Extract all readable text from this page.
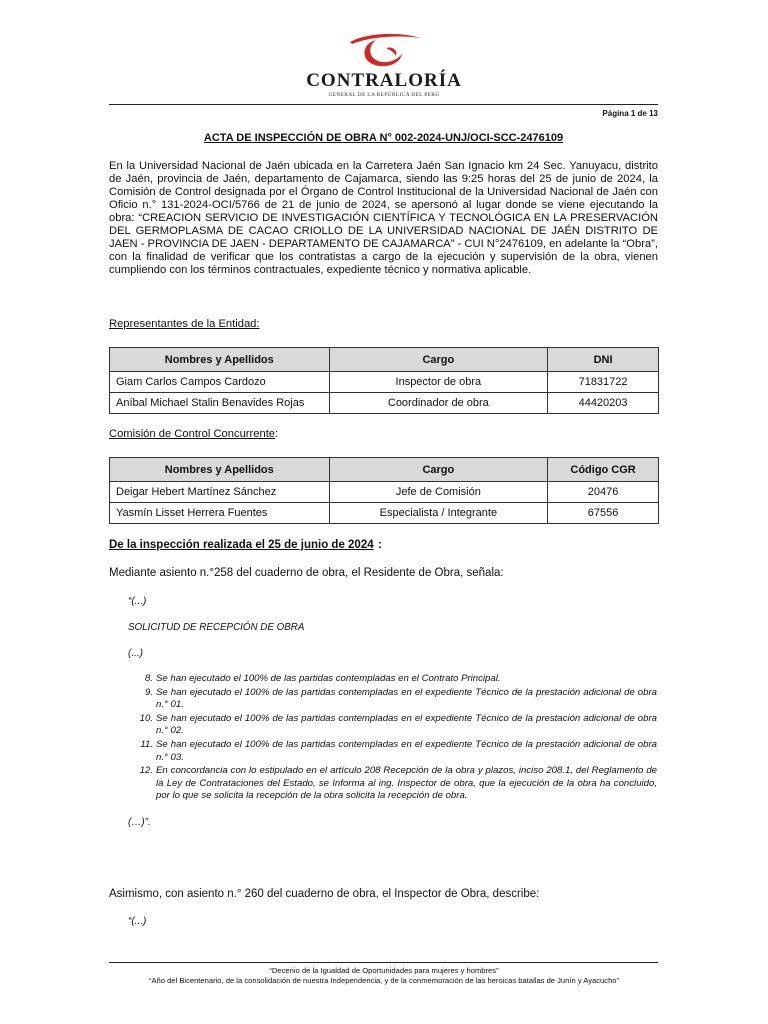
CONTRALORÍA
GENERAL DE LA REPÚBLICA DEL PERÚ
Página 1 de 13
ACTA DE INSPECCIÓN DE OBRA N° 002-2024-UNJ/OCI-SCC-2476109
En la Universidad Nacional de Jaén ubicada en la Carretera Jaén San Ignacio km 24 Sec. Yanuyacu, distrito de Jaén, provincia de Jaén, departamento de Cajamarca, siendo las 9:25 horas del 25 de junio de 2024, la Comisión de Control designada por el Órgano de Control Institucional de la Universidad Nacional de Jaén con Oficio n.° 131-2024-OCI/5766 de 21 de junio de 2024, se apersonó al lugar donde se viene ejecutando la obra: “CREACION SERVICIO DE INVESTIGACIÓN CIENTÍFICA Y TECNOLÓGICA EN LA PRESERVACIÓN DEL GERMOPLASMA DE CACAO CRIOLLO DE LA UNIVERSIDAD NACIONAL DE JAÉN DISTRITO DE JAEN - PROVINCIA DE JAEN - DEPARTAMENTO DE CAJAMARCA” - CUI N°2476109, en adelante la “Obra”, con la finalidad de verificar que los contratistas a cargo de la ejecución y supervisión de la obra, vienen cumpliendo con los términos contractuales, expediente técnico y normativa aplicable.
Representantes de la Entidad:
Nombres y Apellidos	Cargo	DNI
Giam Carlos Campos Cardozo	Inspector de obra	71831722
Aníbal Michael Stalin Benavides Rojas	Coordinador de obra	44420203
Comisión de Control Concurrente:
Nombres y Apellidos	Cargo	Código CGR
Deigar Hebert Martínez Sánchez	Jefe de Comisión	20476
Yasmín Lisset Herrera Fuentes	Especialista / Integrante	67556
De la inspección realizada el 25 de junio de 2024 :
Mediante asiento n.°258 del cuaderno de obra, el Residente de Obra, señala:
“(...)
SOLICITUD DE RECEPCIÓN DE OBRA
(...)
8. Se han ejecutado el 100% de las partidas contempladas en el Contrato Principal.
9. Se han ejecutado el 100% de las partidas contempladas en el expediente Técnico de la prestación adicional de obra n.° 01.
10. Se han ejecutado el 100% de las partidas contempladas en el expediente Técnico de la prestación adicional de obra n.° 02.
11. Se han ejecutado el 100% de las partidas contempladas en el expediente Técnico de la prestación adicional de obra n.° 03.
12. En concordancia con lo estipulado en el artículo 208 Recepción de la obra y plazos, inciso 208.1, del Reglamento de la Ley de Contrataciones del Estado, se Informa al ing. Inspector de obra, que la ejecución de la obra ha concluido, por lo que se solicita la recepción de la obra solicita la recepción de obra.
(…)”.
Asimismo, con asiento n.° 260 del cuaderno de obra, el Inspector de Obra, describe:
“(...)
“Decenio de la Igualdad de Oportunidades para mujeres y hombres”
“Año del Bicentenario, de la consolidación de nuestra Independencia, y de la conmemoración de las heroicas batallas de Junín y Ayacucho”
